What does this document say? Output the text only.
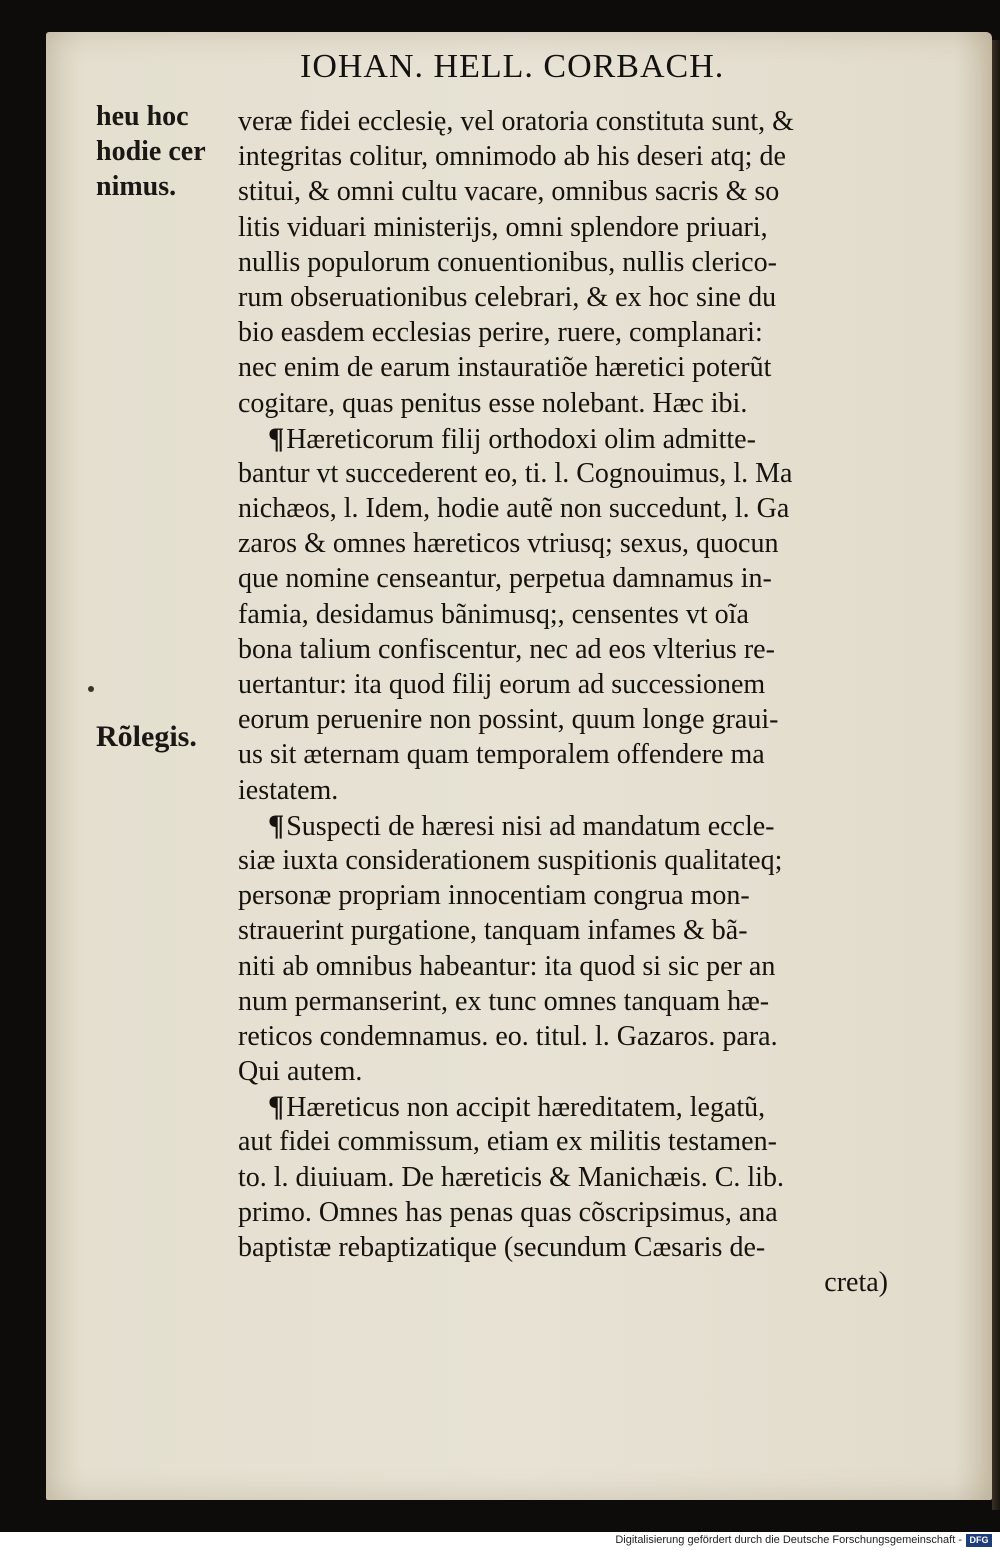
IOHAN. HELL. CORBACH.
heu hoc
hodie cer
nimus.
Rõlegis.
veræ fidei ecclesię, vel oratoria constituta sunt, &
integritas colitur, omnimodo ab his deseri atq; de
stitui, & omni cultu vacare, omnibus sacris & so
litis viduari ministerijs, omni splendore priuari,
nullis populorum conuentionibus, nullis clerico-
rum obseruationibus celebrari, & ex hoc sine du
bio easdem ecclesias perire, ruere, complanari:
nec enim de earum instauratiõe hæretici poterũt
cogitare, quas penitus esse nolebant. Hæc ibi.
¶Hæreticorum filij orthodoxi olim admitte-
bantur vt succederent eo, ti. l. Cognouimus, l. Ma
nichæos, l. Idem, hodie autẽ non succedunt, l. Ga
zaros & omnes hæreticos vtriusq; sexus, quocun
que nomine censeantur, perpetua damnamus in-
famia, desidamus bãnimusq;, censentes vt oĩa
bona talium confiscentur, nec ad eos vlterius re-
uertantur: ita quod filij eorum ad successionem
eorum peruenire non possint, quum longe graui-
us sit æternam quam temporalem offendere ma
iestatem.
¶Suspecti de hæresi nisi ad mandatum eccle-
siæ iuxta considerationem suspitionis qualitateq;
personæ propriam innocentiam congrua mon-
strauerint purgatione, tanquam infames & bã-
niti ab omnibus habeantur: ita quod si sic per an
num permanserint, ex tunc omnes tanquam hæ-
reticos condemnamus. eo. titul. l. Gazaros. para.
Qui autem.
¶Hæreticus non accipit hæreditatem, legatũ,
aut fidei commissum, etiam ex militis testamen-
to. l. diuiuam. De hæreticis & Manichæis. C. lib.
primo. Omnes has penas quas cõscripsimus, ana
baptistæ rebaptizatique (secundum Cæsaris de-
creta)
Digitalisierung gefördert durch die Deutsche Forschungsgemeinschaft - DFG
